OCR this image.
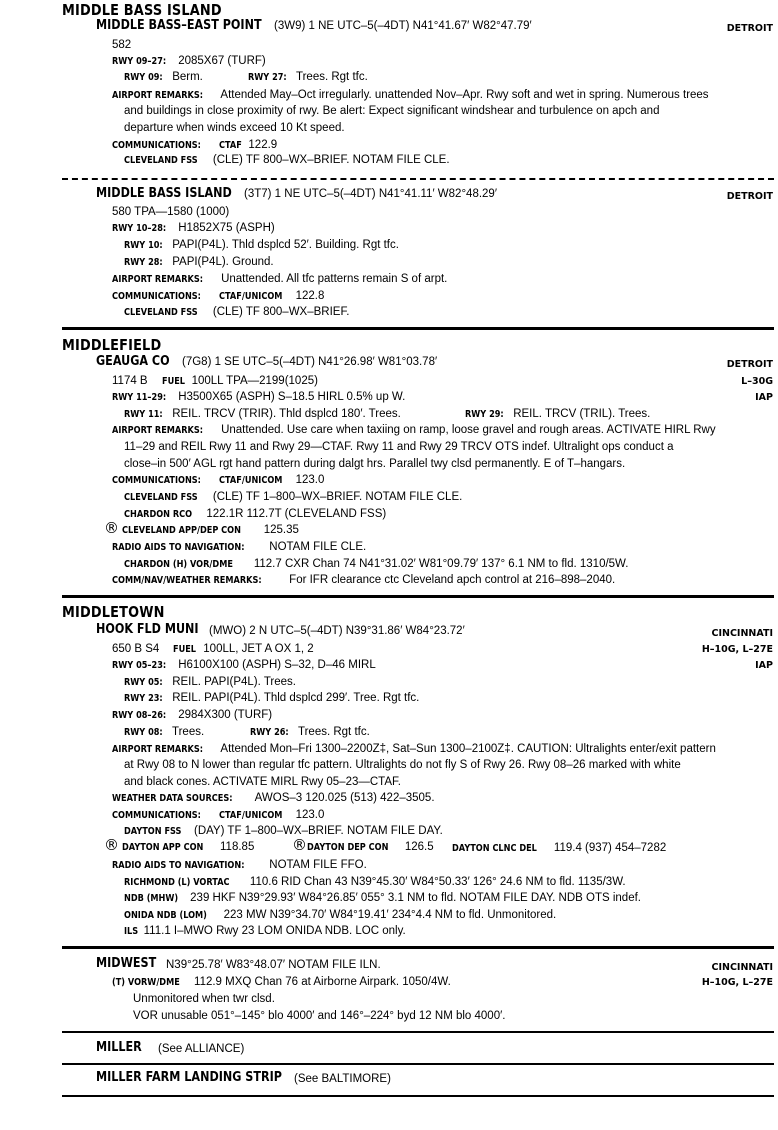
MIDDLE BASS ISLAND
MIDDLE BASS–EAST POINT (3W9) 1 NE UTC–5(–4DT) N41°41.67′ W82°47.79′	DETROIT
582
RWY 09–27: 2085X67 (TURF)
RWY 09: Berm.	RWY 27: Trees. Rgt tfc.
AIRPORT REMARKS: Attended May–Oct irregularly. unattended Nov–Apr. Rwy soft and wet in spring. Numerous trees
and buildings in close proximity of rwy. Be alert: Expect significant windshear and turbulence on apch and
departure when winds exceed 10 Kt speed.
COMMUNICATIONS: CTAF 122.9
CLEVELAND FSS (CLE) TF 800–WX–BRIEF. NOTAM FILE CLE.
MIDDLE BASS ISLAND (3T7) 1 NE UTC–5(–4DT) N41°41.11′ W82°48.29′	DETROIT
580 TPA—1580 (1000)
RWY 10–28: H1852X75 (ASPH)
RWY 10: PAPI(P4L). Thld dsplcd 52′. Building. Rgt tfc.
RWY 28: PAPI(P4L). Ground.
AIRPORT REMARKS: Unattended. All tfc patterns remain S of arpt.
COMMUNICATIONS: CTAF/UNICOM 122.8
CLEVELAND FSS (CLE) TF 800–WX–BRIEF.
MIDDLEFIELD
GEAUGA CO (7G8) 1 SE UTC–5(–4DT) N41°26.98′ W81°03.78′	DETROIT
1174 B FUEL 100LL TPA—2199(1025)	L–30G
RWY 11–29: H3500X65 (ASPH) S–18.5 HIRL 0.5% up W.	IAP
RWY 11: REIL. TRCV (TRIR). Thld dsplcd 180′. Trees.	RWY 29: REIL. TRCV (TRIL). Trees.
AIRPORT REMARKS: Unattended. Use care when taxiing on ramp, loose gravel and rough areas. ACTIVATE HIRL Rwy
11–29 and REIL Rwy 11 and Rwy 29—CTAF. Rwy 11 and Rwy 29 TRCV OTS indef. Ultralight ops conduct a
close–in 500′ AGL rgt hand pattern during dalgt hrs. Parallel twy clsd permanently. E of T–hangars.
COMMUNICATIONS: CTAF/UNICOM 123.0
CLEVELAND FSS (CLE) TF 1–800–WX–BRIEF. NOTAM FILE CLE.
CHARDON RCO 122.1R 112.7T (CLEVELAND FSS)
® CLEVELAND APP/DEP CON 125.35
RADIO AIDS TO NAVIGATION: NOTAM FILE CLE.
CHARDON (H) VOR/DME 112.7 CXR Chan 74 N41°31.02′ W81°09.79′ 137° 6.1 NM to fld. 1310/5W.
COMM/NAV/WEATHER REMARKS: For IFR clearance ctc Cleveland apch control at 216–898–2040.
MIDDLETOWN
HOOK FLD MUNI (MWO) 2 N UTC–5(–4DT) N39°31.86′ W84°23.72′	CINCINNATI
650 B S4 FUEL 100LL, JET A OX 1, 2	H–10G, L–27E
RWY 05–23: H6100X100 (ASPH) S–32, D–46 MIRL	IAP
RWY 05: REIL. PAPI(P4L). Trees.
RWY 23: REIL. PAPI(P4L). Thld dsplcd 299′. Tree. Rgt tfc.
RWY 08–26: 2984X300 (TURF)
RWY 08: Trees.	RWY 26: Trees. Rgt tfc.
AIRPORT REMARKS: Attended Mon–Fri 1300–2200Z‡, Sat–Sun 1300–2100Z‡. CAUTION: Ultralights enter/exit pattern
at Rwy 08 to N lower than regular tfc pattern. Ultralights do not fly S of Rwy 26. Rwy 08–26 marked with white
and black cones. ACTIVATE MIRL Rwy 05–23—CTAF.
WEATHER DATA SOURCES: AWOS–3 120.025 (513) 422–3505.
COMMUNICATIONS: CTAF/UNICOM 123.0
DAYTON FSS (DAY) TF 1–800–WX–BRIEF. NOTAM FILE DAY.
® DAYTON APP CON 118.85	®DAYTON DEP CON 126.5 DAYTON CLNC DEL 119.4 (937) 454–7282
RADIO AIDS TO NAVIGATION: NOTAM FILE FFO.
RICHMOND (L) VORTAC 110.6 RID Chan 43 N39°45.30′ W84°50.33′ 126° 24.6 NM to fld. 1135/3W.
NDB (MHW) 239 HKF N39°29.93′ W84°26.85′ 055° 3.1 NM to fld. NOTAM FILE DAY. NDB OTS indef.
ONIDA NDB (LOM) 223 MW N39°34.70′ W84°19.41′ 234°4.4 NM to fld. Unmonitored.
ILS 111.1 I–MWO Rwy 23 LOM ONIDA NDB. LOC only.
MIDWEST N39°25.78′ W83°48.07′ NOTAM FILE ILN.	CINCINNATI
(T) VORW/DME 112.9 MXQ Chan 76 at Airborne Airpark. 1050/4W.	H–10G, L–27E
Unmonitored when twr clsd.
VOR unusable 051°–145° blo 4000′ and 146°–224° byd 12 NM blo 4000′.
MILLER (See ALLIANCE)
MILLER FARM LANDING STRIP (See BALTIMORE)
